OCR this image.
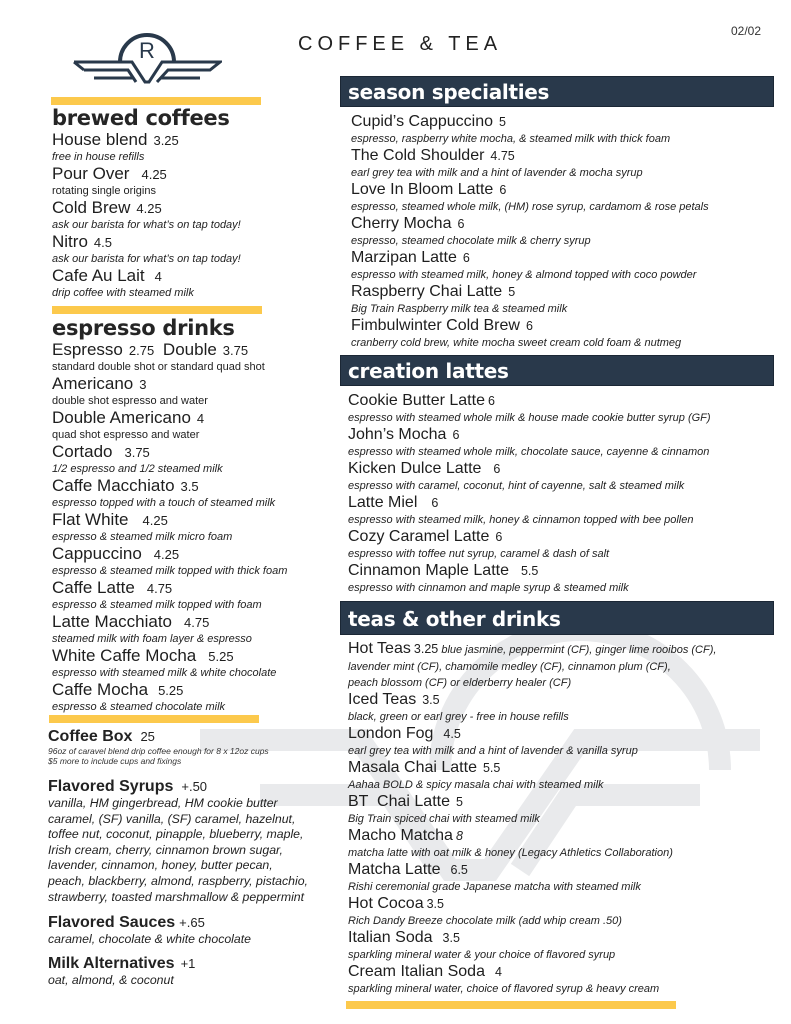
R	COFFEE & TEA
02/02
brewed coffees
House blend 3.25
free in house refills
Pour Over 4.25
rotating single origins
Cold Brew 4.25
ask our barista for what’s on tap today!
Nitro 4.5
ask our barista for what’s on tap today!
Cafe Au Lait 4
drip coffee with steamed milk
espresso drinks
Espresso 2.75 Double 3.75
standard double shot or standard quad shot
Americano 3
double shot espresso and water
Double Americano 4
quad shot espresso and water
Cortado 3.75
1/2 espresso and 1/2 steamed milk
Caffe Macchiato 3.5
espresso topped with a touch of steamed milk
Flat White 4.25
espresso & steamed milk micro foam
Cappuccino 4.25
espresso & steamed milk topped with thick foam
Caffe Latte 4.75
espresso & steamed milk topped with foam
Latte Macchiato 4.75
steamed milk with foam layer & espresso
White Caffe Mocha 5.25
espresso with steamed milk & white chocolate
Caffe Mocha 5.25
espresso & steamed chocolate milk
Coffee Box 25
96oz of caravel blend drip coffee enough for 8 x 12oz cups
$5 more to include cups and fixings
Flavored Syrups +.50
vanilla, HM gingerbread, HM cookie butter
caramel, (SF) vanilla, (SF) caramel, hazelnut,
toffee nut, coconut, pinapple, blueberry, maple,
Irish cream, cherry, cinnamon brown sugar,
lavender, cinnamon, honey, butter pecan,
peach, blackberry, almond, raspberry, pistachio,
strawberry, toasted marshmallow & peppermint
Flavored Sauces +.65
caramel, chocolate & white chocolate
Milk Alternatives +1
oat, almond, & coconut
season specialties
Cupid’s Cappuccino 5
espresso, raspberry white mocha, & steamed milk with thick foam
The Cold Shoulder 4.75
earl grey tea with milk and a hint of lavender & mocha syrup
Love In Bloom Latte 6
espresso, steamed whole milk, (HM) rose syrup, cardamom & rose petals
Cherry Mocha 6
espresso, steamed chocolate milk & cherry syrup
Marzipan Latte 6
espresso with steamed milk, honey & almond topped with coco powder
Raspberry Chai Latte 5
Big Train Raspberry milk tea & steamed milk
Fimbulwinter Cold Brew 6
cranberry cold brew, white mocha sweet cream cold foam & nutmeg
creation lattes
Cookie Butter Latte 6
espresso with steamed whole milk & house made cookie butter syrup (GF)
John’s Mocha 6
espresso with steamed whole milk, chocolate sauce, cayenne & cinnamon
Kicken Dulce Latte 6
espresso with caramel, coconut, hint of cayenne, salt & steamed milk
Latte Miel 6
espresso with steamed milk, honey & cinnamon topped with bee pollen
Cozy Caramel Latte 6
espresso with toffee nut syrup, caramel & dash of salt
Cinnamon Maple Latte 5.5
espresso with cinnamon and maple syrup & steamed milk
teas & other drinks
Hot Teas 3.25 blue jasmine, peppermint (CF), ginger lime rooibos (CF),
lavender mint (CF), chamomile medley (CF), cinnamon plum (CF),
peach blossom (CF) or elderberry healer (CF)
Iced Teas 3.5
black, green or earl grey - free in house refills
London Fog 4.5
earl grey tea with milk and a hint of lavender & vanilla syrup
Masala Chai Latte 5.5
Aahaa BOLD & spicy masala chai with steamed milk
BT  Chai Latte 5
Big Train spiced chai with steamed milk
Macho Matcha 8
matcha latte with oat milk & honey (Legacy Athletics Collaboration)
Matcha Latte 6.5
Rishi ceremonial grade Japanese matcha with steamed milk
Hot Cocoa 3.5
Rich Dandy Breeze chocolate milk (add whip cream .50)
Italian Soda 3.5
sparkling mineral water & your choice of flavored syrup
Cream Italian Soda 4
sparkling mineral water, choice of flavored syrup & heavy cream
